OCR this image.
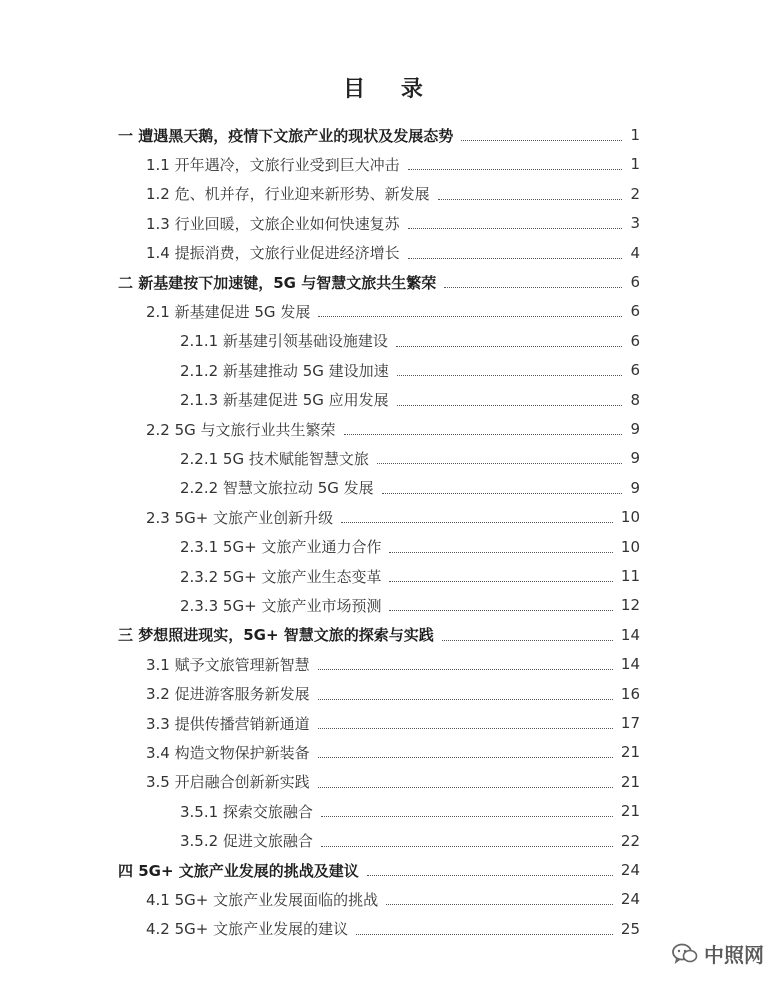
目 录
一 遭遇黑天鹅，疫情下文旅产业的现状及发展态势	1
1.1 开年遇冷，文旅行业受到巨大冲击	1
1.2 危、机并存，行业迎来新形势、新发展	2
1.3 行业回暖，文旅企业如何快速复苏	3
1.4 提振消费，文旅行业促进经济增长	4
二 新基建按下加速键，5G 与智慧文旅共生繁荣	6
2.1 新基建促进 5G 发展	6
2.1.1 新基建引领基础设施建设	6
2.1.2 新基建推动 5G 建设加速	6
2.1.3 新基建促进 5G 应用发展	8
2.2 5G 与文旅行业共生繁荣	9
2.2.1 5G 技术赋能智慧文旅	9
2.2.2 智慧文旅拉动 5G 发展	9
2.3 5G+ 文旅产业创新升级	10
2.3.1 5G+ 文旅产业通力合作	10
2.3.2 5G+ 文旅产业生态变革	11
2.3.3 5G+ 文旅产业市场预测	12
三 梦想照进现实，5G+ 智慧文旅的探索与实践	14
3.1 赋予文旅管理新智慧	14
3.2 促进游客服务新发展	16
3.3 提供传播营销新通道	17
3.4 构造文物保护新装备	21
3.5 开启融合创新新实践	21
3.5.1 探索交旅融合	21
3.5.2 促进文旅融合	22
四 5G+ 文旅产业发展的挑战及建议	24
4.1 5G+ 文旅产业发展面临的挑战	24
4.2 5G+ 文旅产业发展的建议	25
中照网
